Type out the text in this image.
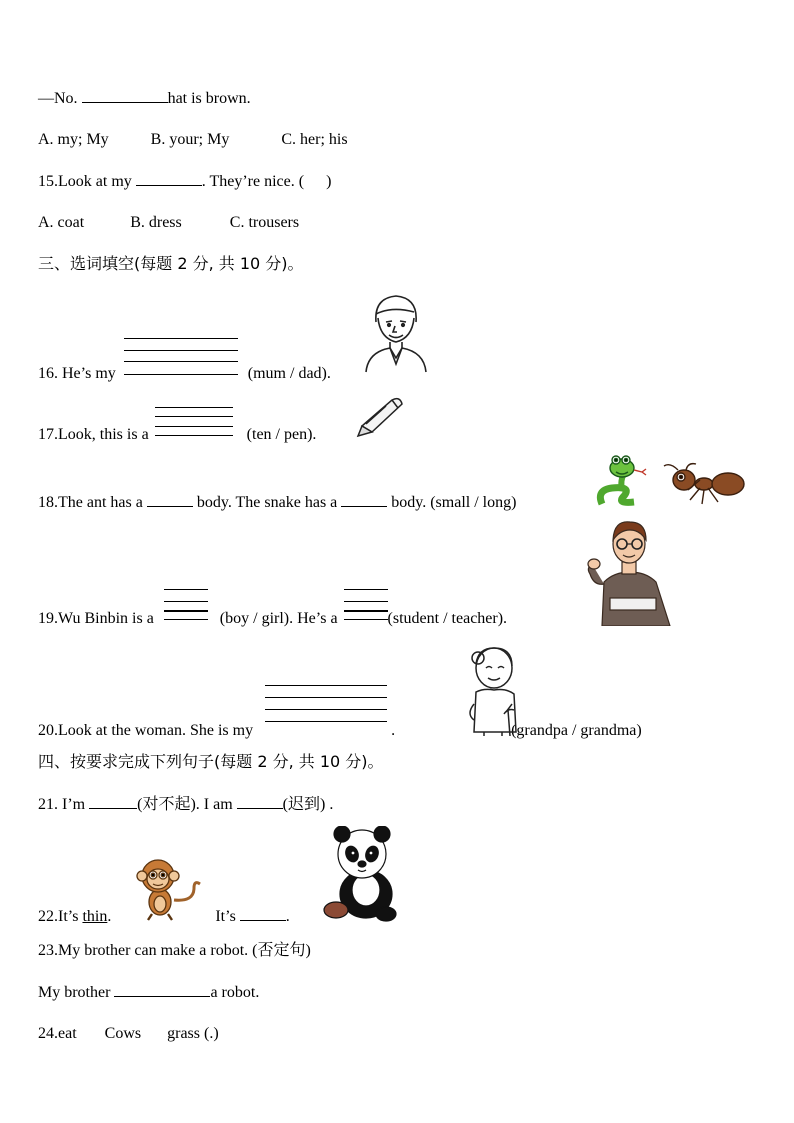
—No.	hat is brown.
A. my; My	B. your; My	C. her; his
15.Look at my	. They’re nice. ( )
A. coat	B. dress	C. trousers
三、选词填空(每题 2 分, 共 10 分)。
16. He’s my	(mum / dad).
17.Look, this is a	(ten / pen).
18.The ant has a	body. The snake has a	body. (small / long)
19.Wu Binbin is a	(boy / girl). He’s a	(student / teacher).
20.Look at the woman. She is my	.	(grandpa / grandma)
四、按要求完成下列句子(每题 2 分, 共 10 分)。
21. I’m	(对不起). I am	(迟到) .
22.It’s thin.	It’s	.
23.My brother can make a robot. (否定句)
My brother	a robot.
24.eat Cows grass (.)
